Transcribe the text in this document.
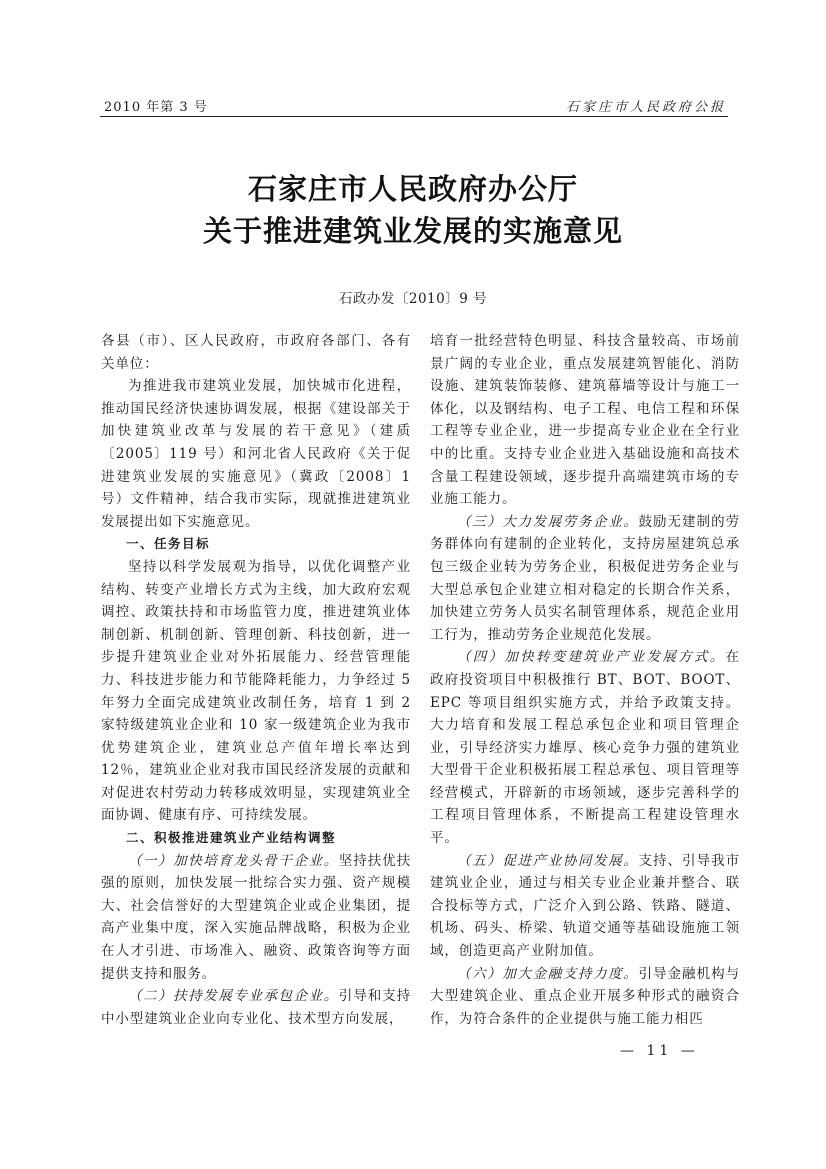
2010 年第 3 号	石家庄市人民政府公报
石家庄市人民政府办公厅
关于推进建筑业发展的实施意见
石政办发〔2010〕9 号

各县（市）、区人民政府，市政府各部门、各有关单位：

为推进我市建筑业发展，加快城市化进程，推动国民经济快速协调发展，根据《建设部关于加快建筑业改革与发展的若干意见》（建质〔2005〕119 号）和河北省人民政府《关于促进建筑业发展的实施意见》（冀政〔2008〕1 号）文件精神，结合我市实际，现就推进建筑业发展提出如下实施意见。

一、任务目标

坚持以科学发展观为指导，以优化调整产业结构、转变产业增长方式为主线，加大政府宏观调控、政策扶持和市场监管力度，推进建筑业体制创新、机制创新、管理创新、科技创新，进一步提升建筑业企业对外拓展能力、经营管理能力、科技进步能力和节能降耗能力，力争经过 5 年努力全面完成建筑业改制任务，培育 1 到 2 家特级建筑业企业和 10 家一级建筑企业为我市优势建筑企业，建筑业总产值年增长率达到 12％，建筑业企业对我市国民经济发展的贡献和对促进农村劳动力转移成效明显，实现建筑业全面协调、健康有序、可持续发展。

二、积极推进建筑业产业结构调整

（一）加快培育龙头骨干企业。坚持扶优扶强的原则，加快发展一批综合实力强、资产规模大、社会信誉好的大型建筑企业或企业集团，提高产业集中度，深入实施品牌战略，积极为企业在人才引进、市场准入、融资、政策咨询等方面提供支持和服务。

（二）扶持发展专业承包企业。引导和支持中小型建筑业企业向专业化、技术型方向发展，

培育一批经营特色明显、科技含量较高、市场前景广阔的专业企业，重点发展建筑智能化、消防设施、建筑装饰装修、建筑幕墙等设计与施工一体化，以及钢结构、电子工程、电信工程和环保工程等专业企业，进一步提高专业企业在全行业中的比重。支持专业企业进入基础设施和高技术含量工程建设领域，逐步提升高端建筑市场的专业施工能力。

（三）大力发展劳务企业。鼓励无建制的劳务群体向有建制的企业转化，支持房屋建筑总承包三级企业转为劳务企业，积极促进劳务企业与大型总承包企业建立相对稳定的长期合作关系，加快建立劳务人员实名制管理体系，规范企业用工行为，推动劳务企业规范化发展。

（四）加快转变建筑业产业发展方式。在政府投资项目中积极推行 BT、BOT、BOOT、EPC 等项目组织实施方式，并给予政策支持。大力培育和发展工程总承包企业和项目管理企业，引导经济实力雄厚、核心竞争力强的建筑业大型骨干企业积极拓展工程总承包、项目管理等经营模式，开辟新的市场领域，逐步完善科学的工程项目管理体系，不断提高工程建设管理水平。

（五）促进产业协同发展。支持、引导我市建筑业企业，通过与相关专业企业兼并整合、联合投标等方式，广泛介入到公路、铁路、隧道、机场、码头、桥梁、轨道交通等基础设施施工领域，创造更高产业附加值。

（六）加大金融支持力度。引导金融机构与大型建筑企业、重点企业开展多种形式的融资合作，为符合条件的企业提供与施工能力相匹

— 11 —
